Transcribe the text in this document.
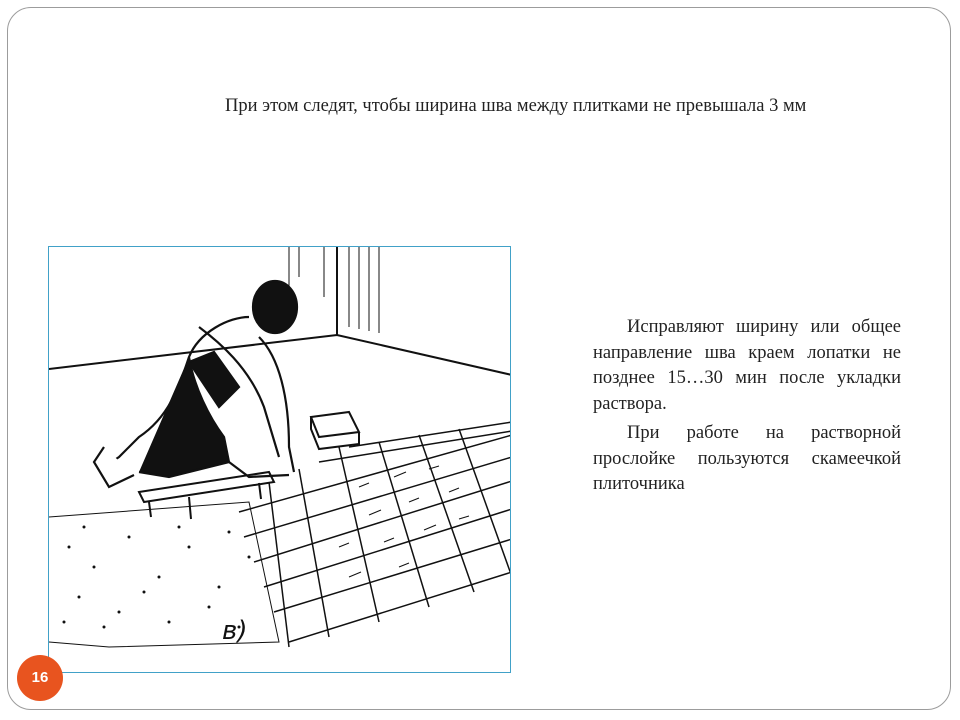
При этом следят, чтобы ширина шва между плитками не превышала 3 мм

в)

Исправляют ширину или общее направление шва краем лопатки не позднее 15…30 мин после укладки раствора.

При работе на растворной прослойке пользуются скамеечкой плиточника

16
